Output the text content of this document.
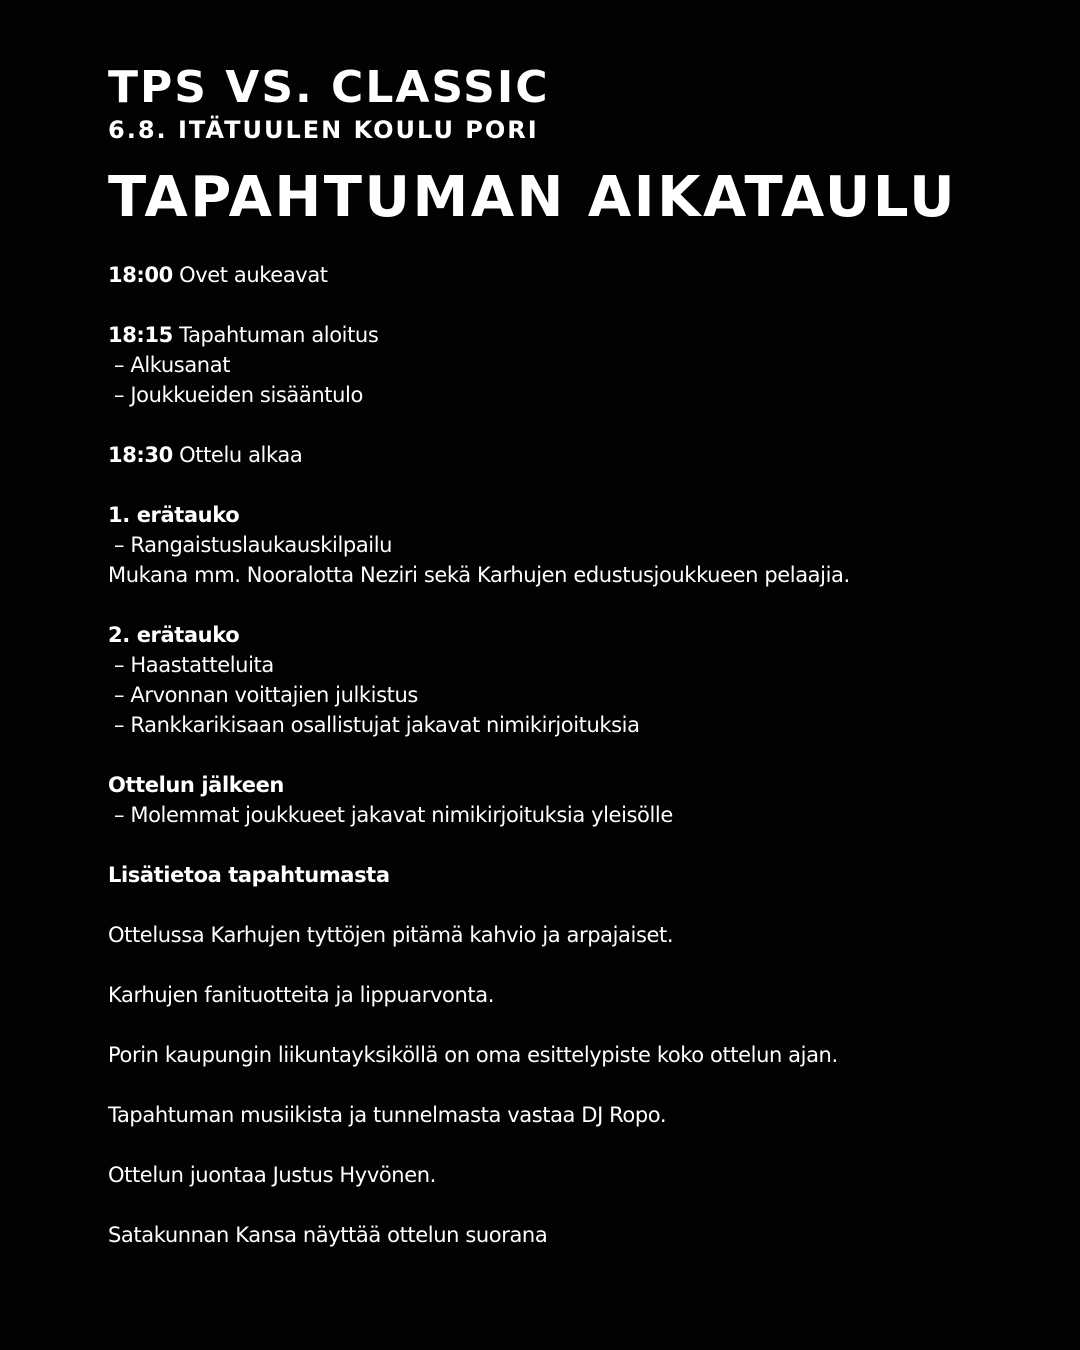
TPS VS. CLASSIC
6.8. ITÄTUULEN KOULU PORI
TAPAHTUMAN AIKATAULU
18:00 Ovet aukeavat
18:15 Tapahtuman aloitus
– Alkusanat
– Joukkueiden sisääntulo
18:30 Ottelu alkaa
1. erätauko
– Rangaistuslaukauskilpailu
Mukana mm. Nooralotta Neziri sekä Karhujen edustusjoukkueen pelaajia.
2. erätauko
– Haastatteluita
– Arvonnan voittajien julkistus
– Rankkarikisaan osallistujat jakavat nimikirjoituksia
Ottelun jälkeen
– Molemmat joukkueet jakavat nimikirjoituksia yleisölle
Lisätietoa tapahtumasta
Ottelussa Karhujen tyttöjen pitämä kahvio ja arpajaiset.
Karhujen fanituotteita ja lippuarvonta.
Porin kaupungin liikuntayksiköllä on oma esittelypiste koko ottelun ajan.
Tapahtuman musiikista ja tunnelmasta vastaa DJ Ropo.
Ottelun juontaa Justus Hyvönen.
Satakunnan Kansa näyttää ottelun suorana
